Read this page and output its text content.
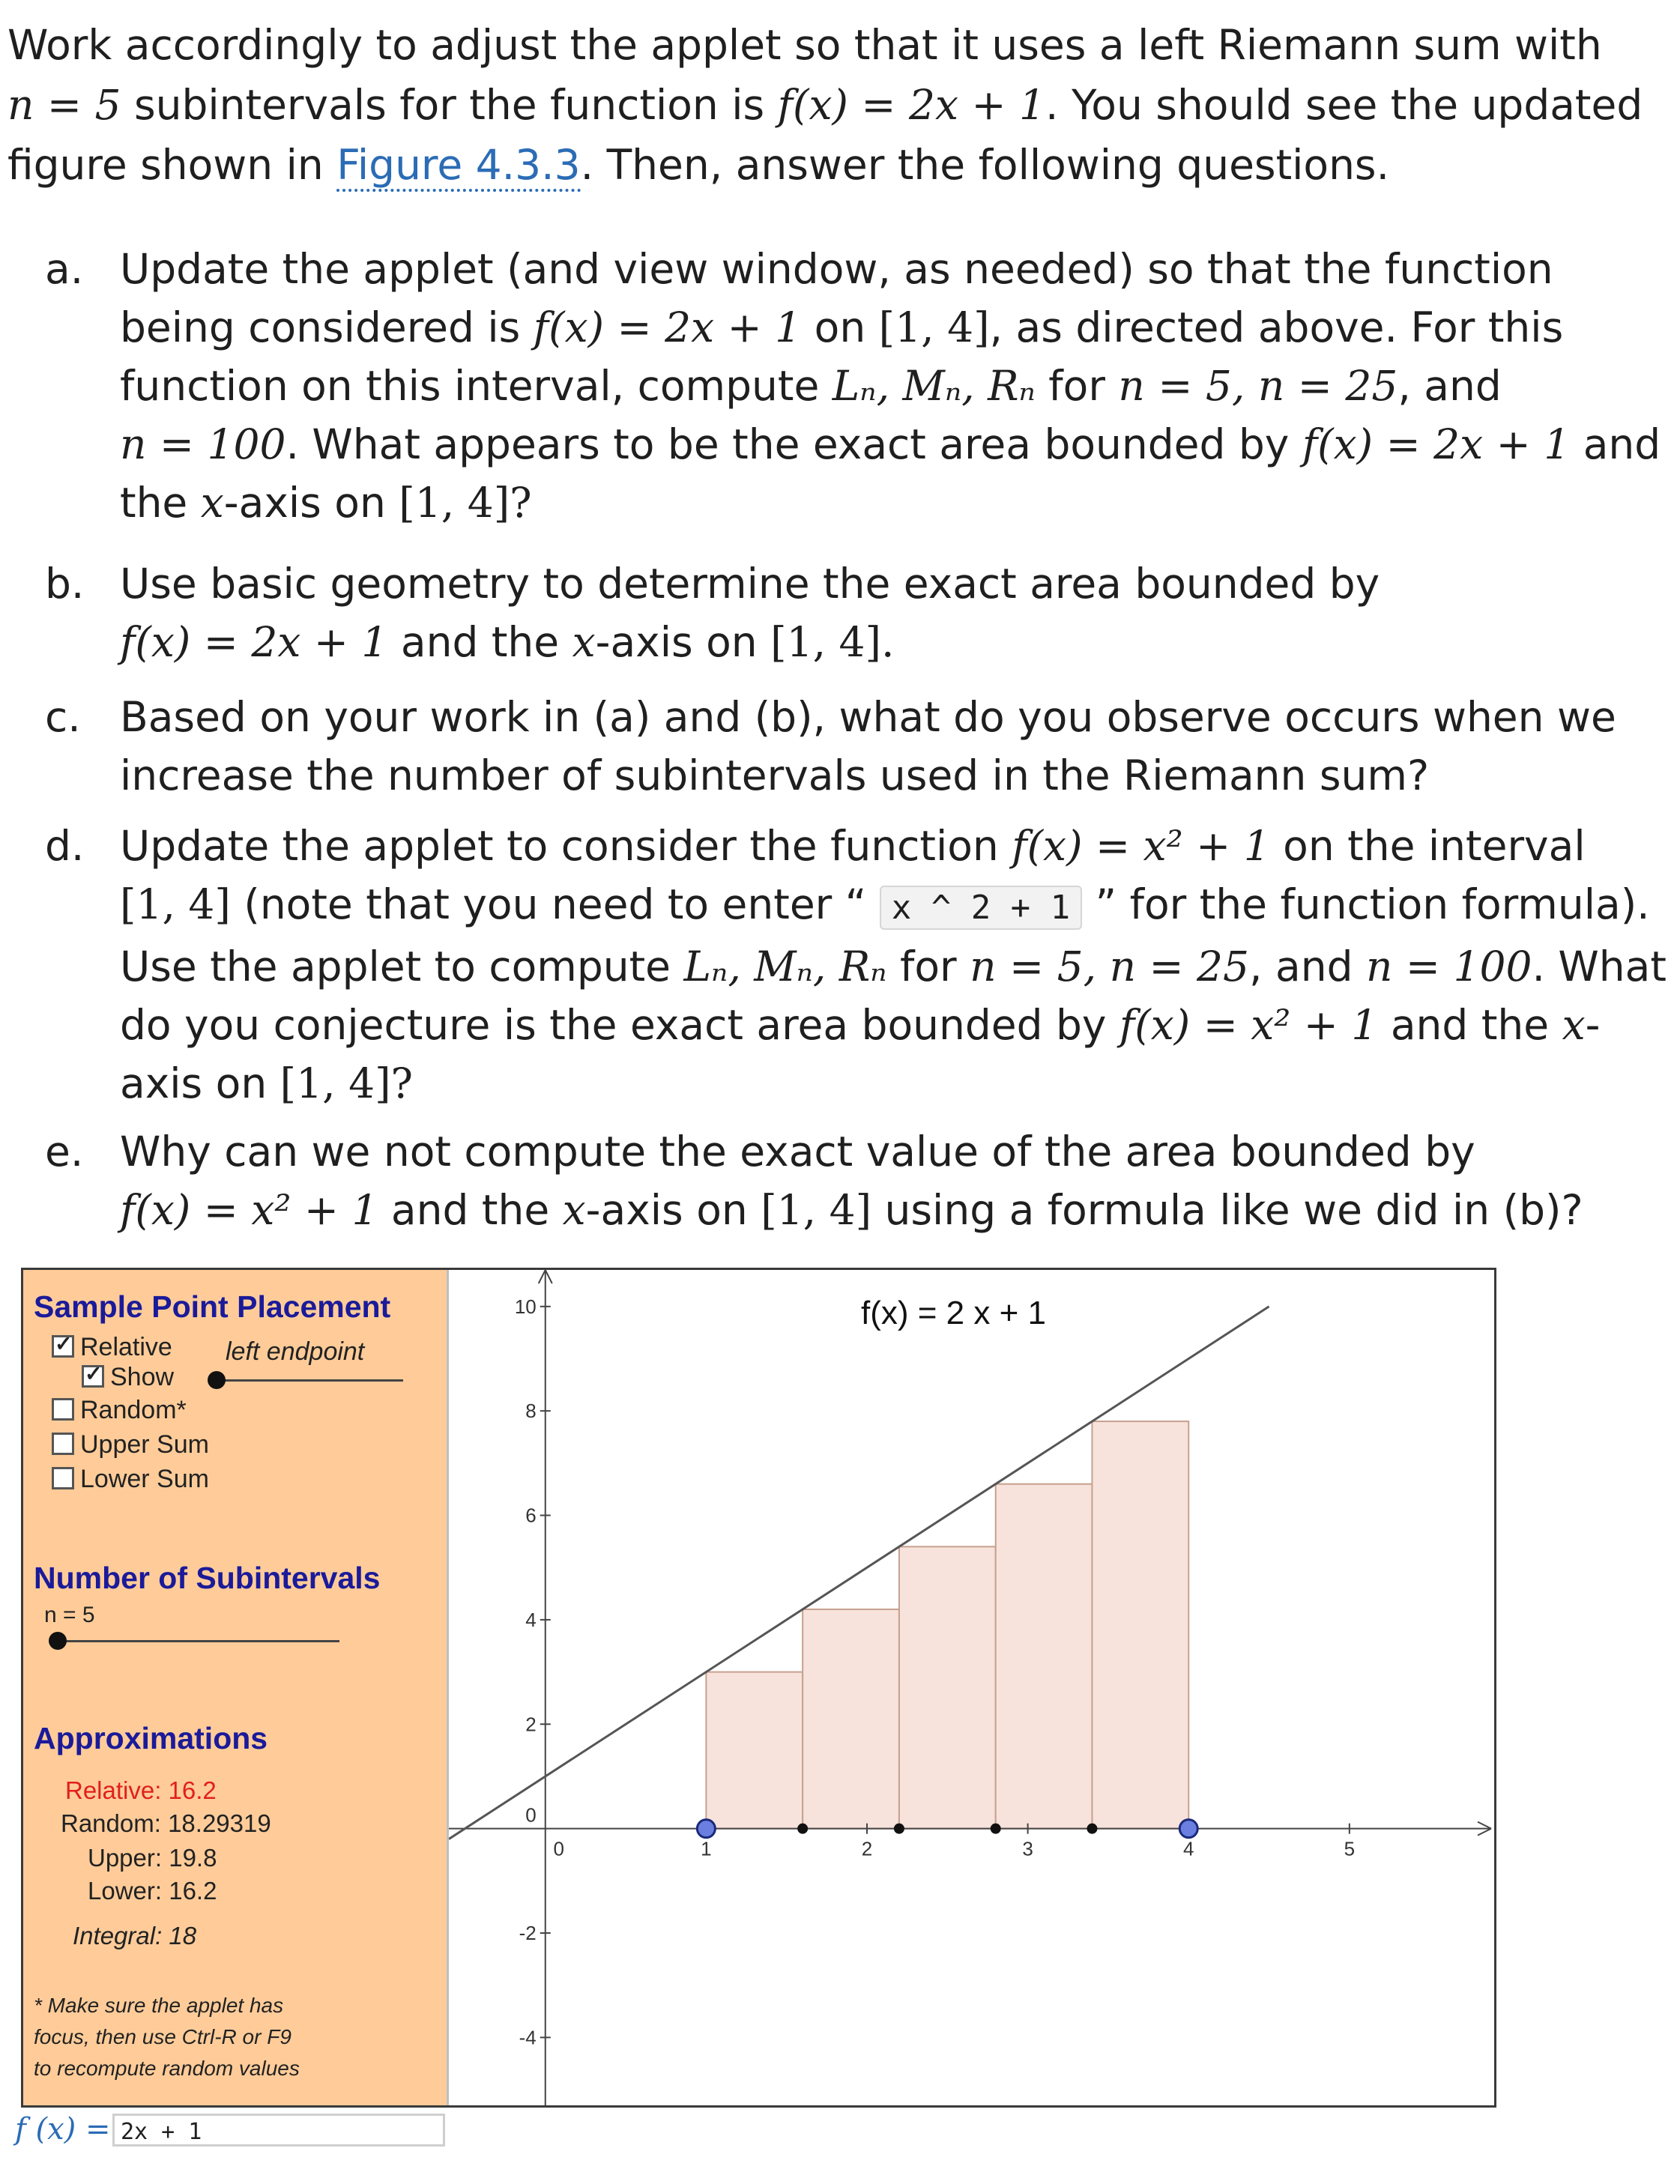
Work accordingly to adjust the applet so that it uses a left Riemann sum with
n = 5 subintervals for the function is f(x) = 2x + 1. You should see the updated
figure shown in Figure 4.3.3. Then, answer the following questions.
a. Update the applet (and view window, as needed) so that the function
being considered is f(x) = 2x + 1 on [1, 4], as directed above. For this
function on this interval, compute Lₙ, Mₙ, Rₙ for n = 5, n = 25, and
n = 100. What appears to be the exact area bounded by f(x) = 2x + 1 and
the x-axis on [1, 4]?
b. Use basic geometry to determine the exact area bounded by
f(x) = 2x + 1 and the x-axis on [1, 4].
c. Based on your work in (a) and (b), what do you observe occurs when we
increase the number of subintervals used in the Riemann sum?
d. Update the applet to consider the function f(x) = x² + 1 on the interval
[1, 4] (note that you need to enter “ x ^ 2 + 1 ” for the function formula).
Use the applet to compute Lₙ, Mₙ, Rₙ for n = 5, n = 25, and n = 100. What
do you conjecture is the exact area bounded by f(x) = x² + 1 and the x-
axis on [1, 4]?
e. Why can we not compute the exact value of the area bounded by
f(x) = x² + 1 and the x-axis on [1, 4] using a formula like we did in (b)?
Sample Point Placement
✓Relative left endpoint
✓Show
Random*
Upper Sum
Lower Sum
Number of Subintervals
n = 5
Approximations
Relative: 16.2
Random: 18.29319
Upper: 19.8
Lower: 16.2
Integral: 18
* Make sure the applet has
focus, then use Ctrl-R or F9
to recompute random values
0	1	2	3	4	5
10
8
6
4
2
0
-2
-4
f(x) = 2 x + 1
f (x) = 2x + 1
